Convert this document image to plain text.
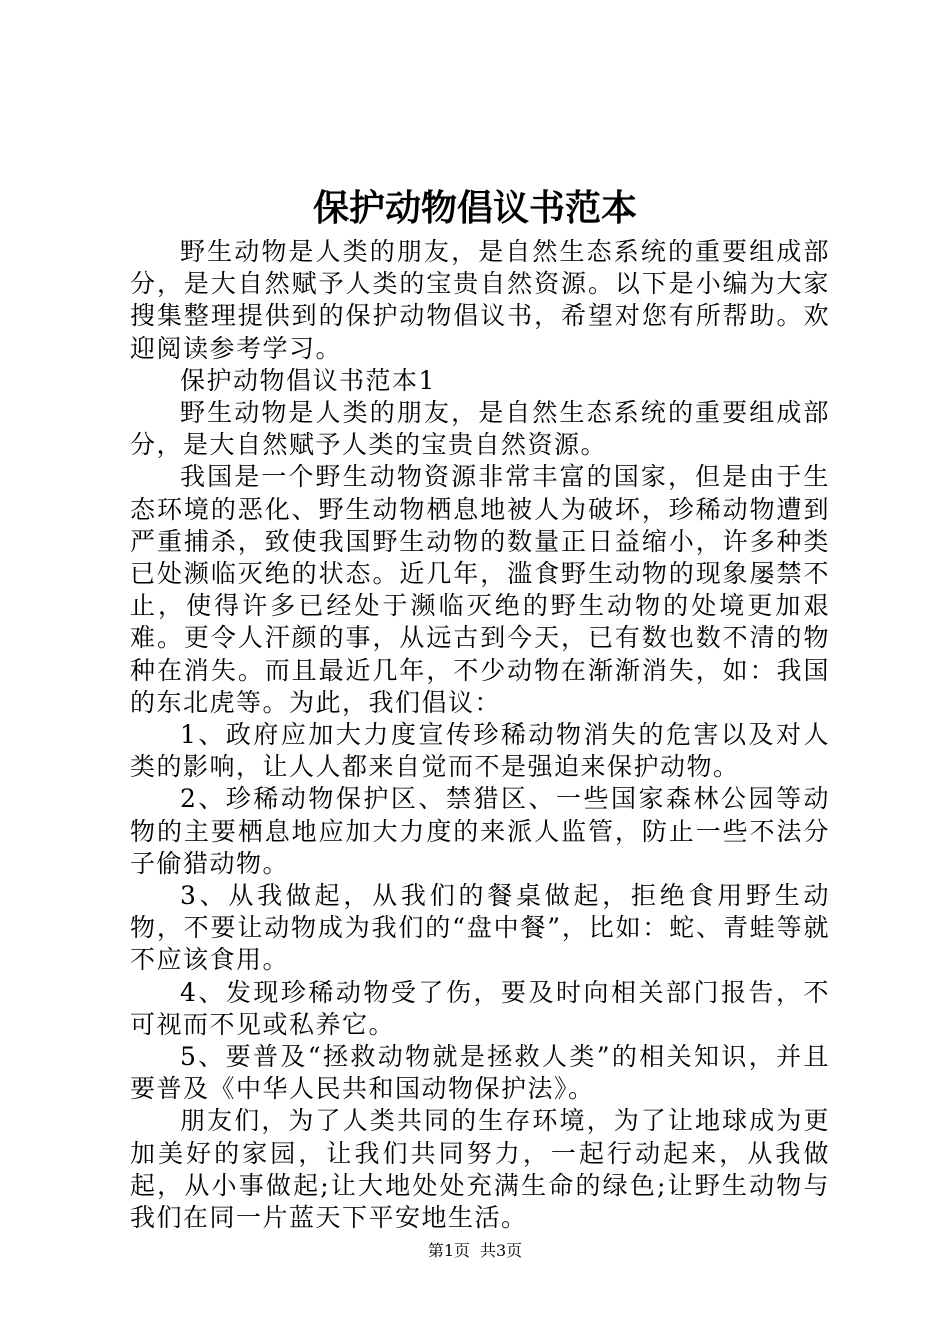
保护动物倡议书范本

野生动物是人类的朋友，是自然生态系统的重要组成部分，是大自然赋予人类的宝贵自然资源。以下是小编为大家搜集整理提供到的保护动物倡议书，希望对您有所帮助。欢迎阅读参考学习。

保护动物倡议书范本1

野生动物是人类的朋友，是自然生态系统的重要组成部分，是大自然赋予人类的宝贵自然资源。

我国是一个野生动物资源非常丰富的国家，但是由于生态环境的恶化、野生动物栖息地被人为破坏，珍稀动物遭到严重捕杀，致使我国野生动物的数量正日益缩小，许多种类已处濒临灭绝的状态。近几年，滥食野生动物的现象屡禁不止，使得许多已经处于濒临灭绝的野生动物的处境更加艰难。更令人汗颜的事，从远古到今天，已有数也数不清的物种在消失。而且最近几年，不少动物在渐渐消失，如：我国的东北虎等。为此，我们倡议：

1、政府应加大力度宣传珍稀动物消失的危害以及对人类的影响，让人人都来自觉而不是强迫来保护动物。

2、珍稀动物保护区、禁猎区、一些国家森林公园等动物的主要栖息地应加大力度的来派人监管，防止一些不法分子偷猎动物。

3、从我做起，从我们的餐桌做起，拒绝食用野生动物，不要让动物成为我们的“盘中餐”，比如：蛇、青蛙等就不应该食用。

4、发现珍稀动物受了伤，要及时向相关部门报告，不可视而不见或私养它。

5、要普及“拯救动物就是拯救人类”的相关知识，并且要普及《中华人民共和国动物保护法》。

朋友们，为了人类共同的生存环境，为了让地球成为更加美好的家园，让我们共同努力，一起行动起来，从我做起，从小事做起;让大地处处充满生命的绿色;让野生动物与我们在同一片蓝天下平安地生活。

第1页 共3页
